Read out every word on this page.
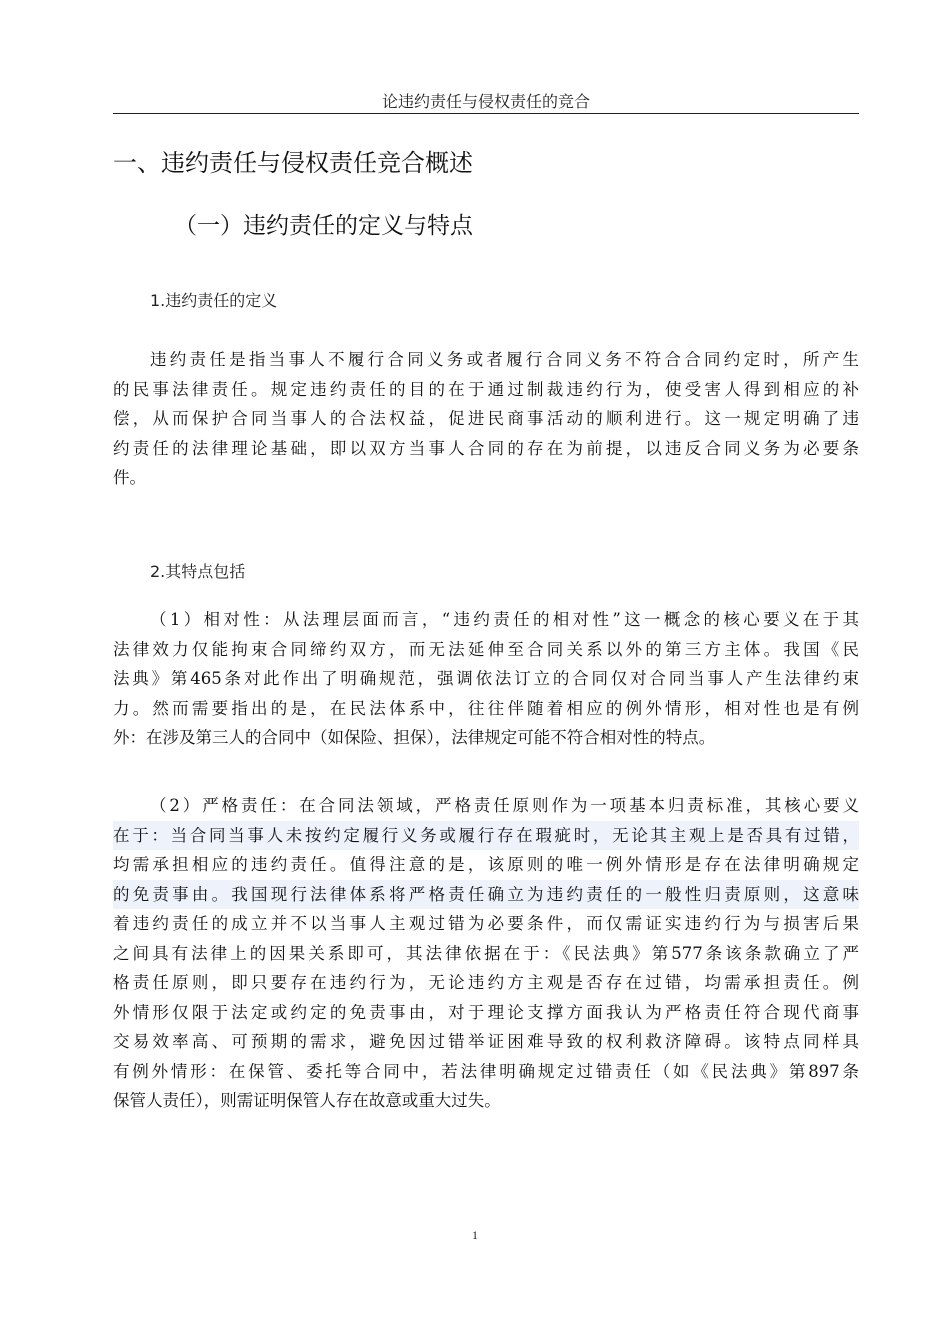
论违约责任与侵权责任的竞合
一、违约责任与侵权责任竞合概述
（一）违约责任的定义与特点
1.违约责任的定义
违约责任是指当事人不履行合同义务或者履行合同义务不符合合同约定时，所产生
的民事法律责任。规定违约责任的目的在于通过制裁违约行为，使受害人得到相应的补
偿，从而保护合同当事人的合法权益，促进民商事活动的顺利进行。这一规定明确了违
约责任的法律理论基础，即以双方当事人合同的存在为前提，以违反合同义务为必要条
件。
2.其特点包括
（1）相对性：从法理层面而言，“违约责任的相对性”这一概念的核心要义在于其
法律效力仅能拘束合同缔约双方，而无法延伸至合同关系以外的第三方主体。我国《民
法典》第465条对此作出了明确规范，强调依法订立的合同仅对合同当事人产生法律约束
力。然而需要指出的是，在民法体系中，往往伴随着相应的例外情形，相对性也是有例
外：在涉及第三人的合同中（如保险、担保），法律规定可能不符合相对性的特点。
（2）严格责任：在合同法领域，严格责任原则作为一项基本归责标准，其核心要义
在于：当合同当事人未按约定履行义务或履行存在瑕疵时，无论其主观上是否具有过错，
均需承担相应的违约责任。值得注意的是，该原则的唯一例外情形是存在法律明确规定
的免责事由。我国现行法律体系将严格责任确立为违约责任的一般性归责原则，这意味
着违约责任的成立并不以当事人主观过错为必要条件，而仅需证实违约行为与损害后果
之间具有法律上的因果关系即可，其法律依据在于：《民法典》第577条该条款确立了严
格责任原则，即只要存在违约行为，无论违约方主观是否存在过错，均需承担责任。例
外情形仅限于法定或约定的免责事由，对于理论支撑方面我认为严格责任符合现代商事
交易效率高、可预期的需求，避免因过错举证困难导致的权利救济障碍。该特点同样具
有例外情形：在保管、委托等合同中，若法律明确规定过错责任（如《民法典》第897条
保管人责任），则需证明保管人存在故意或重大过失。
1
